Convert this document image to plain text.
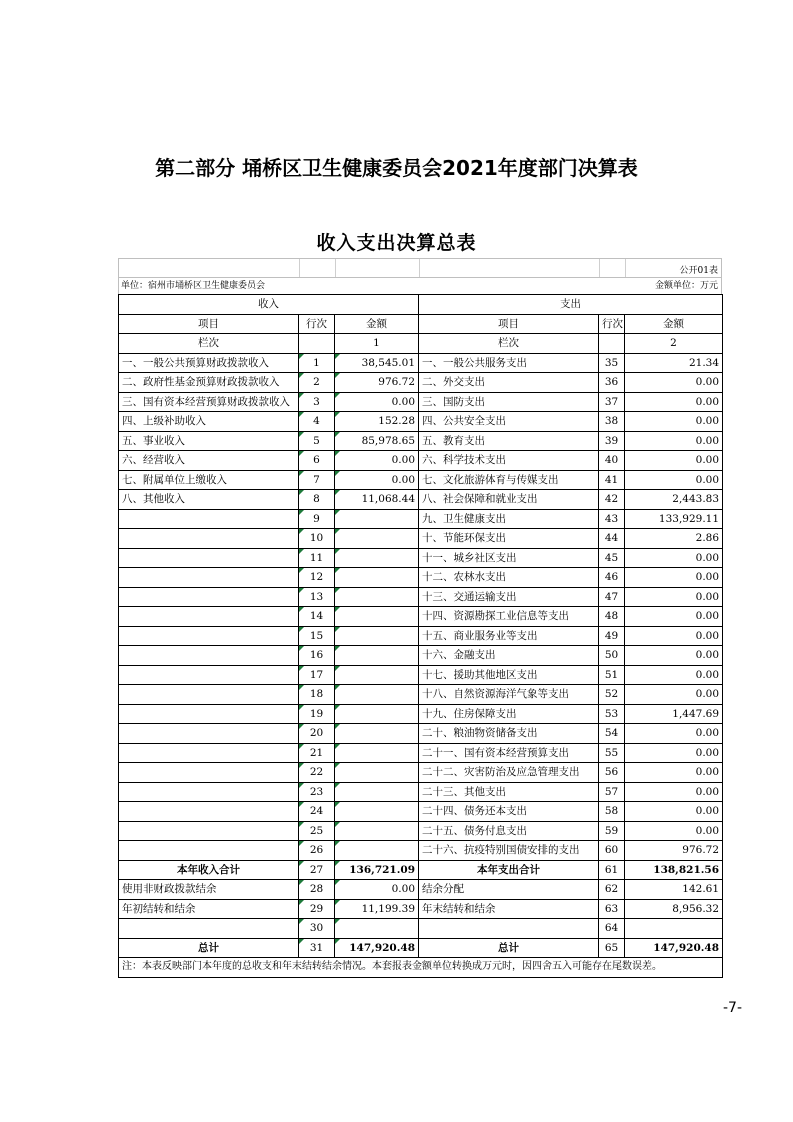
第二部分 埇桥区卫生健康委员会2021年度部门决算表
收入支出决算总表
公开01表
单位：宿州市埇桥区卫生健康委员会	金额单位：万元
收入			支出		
项目	行次	金额	项目	行次	金额
栏次		1	栏次		2
一、一般公共预算财政拨款收入	1	38,545.01	一、一般公共服务支出	35	21.34
二、政府性基金预算财政拨款收入	2	976.72	二、外交支出	36	0.00
三、国有资本经营预算财政拨款收入	3	0.00	三、国防支出	37	0.00
四、上级补助收入	4	152.28	四、公共安全支出	38	0.00
五、事业收入	5	85,978.65	五、教育支出	39	0.00
六、经营收入	6	0.00	六、科学技术支出	40	0.00
七、附属单位上缴收入	7	0.00	七、文化旅游体育与传媒支出	41	0.00
八、其他收入	8	11,068.44	八、社会保障和就业支出	42	2,443.83
	9		九、卫生健康支出	43	133,929.11
	10		十、节能环保支出	44	2.86
	11		十一、城乡社区支出	45	0.00
	12		十二、农林水支出	46	0.00
	13		十三、交通运输支出	47	0.00
	14		十四、资源勘探工业信息等支出	48	0.00
	15		十五、商业服务业等支出	49	0.00
	16		十六、金融支出	50	0.00
	17		十七、援助其他地区支出	51	0.00
	18		十八、自然资源海洋气象等支出	52	0.00
	19		十九、住房保障支出	53	1,447.69
	20		二十、粮油物资储备支出	54	0.00
	21		二十一、国有资本经营预算支出	55	0.00
	22		二十二、灾害防治及应急管理支出	56	0.00
	23		二十三、其他支出	57	0.00
	24		二十四、债务还本支出	58	0.00
	25		二十五、债务付息支出	59	0.00
	26		二十六、抗疫特别国债安排的支出	60	976.72
本年收入合计	27	136,721.09	本年支出合计	61	138,821.56
使用非财政拨款结余	28	0.00	结余分配	62	142.61
年初结转和结余	29	11,199.39	年末结转和结余	63	8,956.32
	30			64	
总计	31	147,920.48	总计	65	147,920.48
注：本表反映部门本年度的总收支和年末结转结余情况。本套报表金额单位转换成万元时，因四舍五入可能存在尾数误差。					
-7-
